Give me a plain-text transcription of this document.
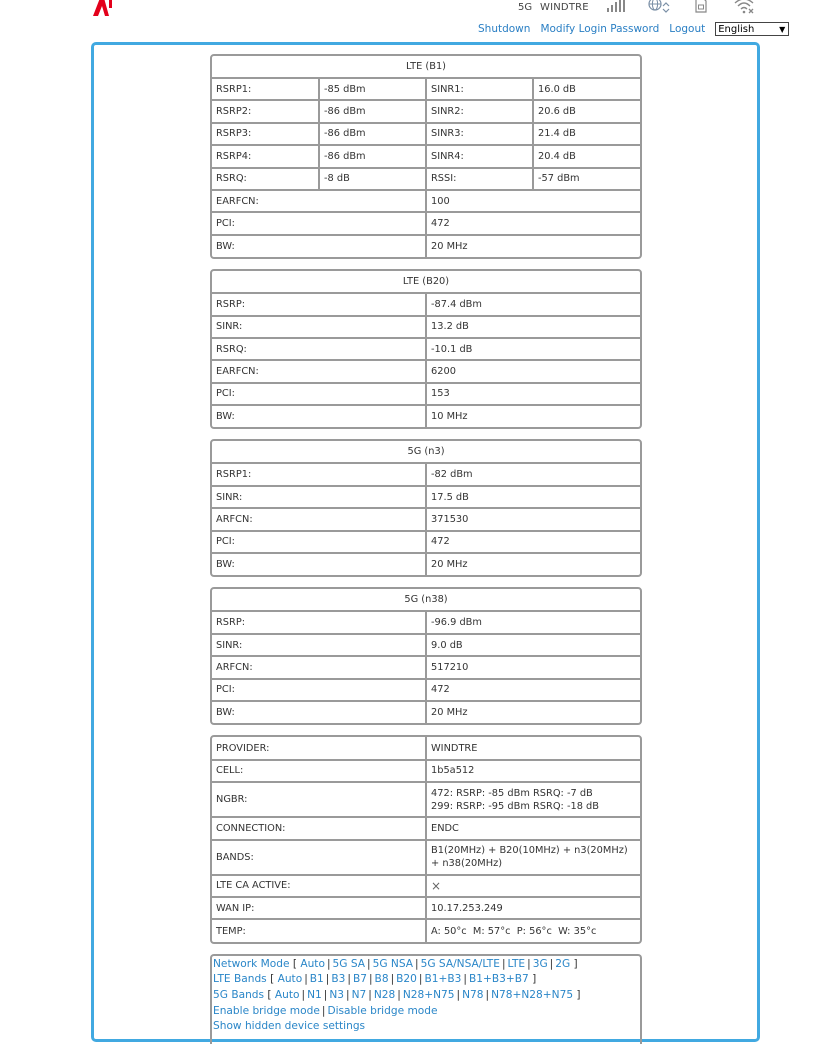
5G WINDTRE
Shutdown Modify Login Password Logout English	▼
LTE (B1)			
RSRP1:	-85 dBm	SINR1:	16.0 dB
RSRP2:	-86 dBm	SINR2:	20.6 dB
RSRP3:	-86 dBm	SINR3:	21.4 dB
RSRP4:	-86 dBm	SINR4:	20.4 dB
RSRQ:	-8 dB	RSSI:	-57 dBm
EARFCN:		100	
PCI:		472	
BW:		20 MHz	
LTE (B20)	
RSRP:	-87.4 dBm
SINR:	13.2 dB
RSRQ:	-10.1 dB
EARFCN:	6200
PCI:	153
BW:	10 MHz
5G (n3)	
RSRP1:	-82 dBm
SINR:	17.5 dB
ARFCN:	371530
PCI:	472
BW:	20 MHz
5G (n38)	
RSRP:	-96.9 dBm
SINR:	9.0 dB
ARFCN:	517210
PCI:	472
BW:	20 MHz
PROVIDER:	WINDTRE
CELL:	1b5a512
NGBR:	472: RSRP: -85 dBm RSRQ: -7 dB
299: RSRP: -95 dBm RSRQ: -18 dB

CONNECTION:	ENDC
BANDS:	B1(20MHz) + B20(10MHz) + n3(20MHz) + n38(20MHz)
LTE CA ACTIVE:	×
WAN IP:	10.17.253.249
TEMP:	A: 50°c  M: 57°c  P: 56°c  W: 35°c
Network Mode [ Auto | 5G SA | 5G NSA | 5G SA/NSA/LTE | LTE | 3G | 2G ]
LTE Bands [ Auto | B1 | B3 | B7 | B8 | B20 | B1+B3 | B1+B3+B7 ]
5G Bands [ Auto | N1 | N3 | N7 | N28 | N28+N75 | N78 | N78+N28+N75 ]
Enable bridge mode | Disable bridge mode
Show hidden device settings
